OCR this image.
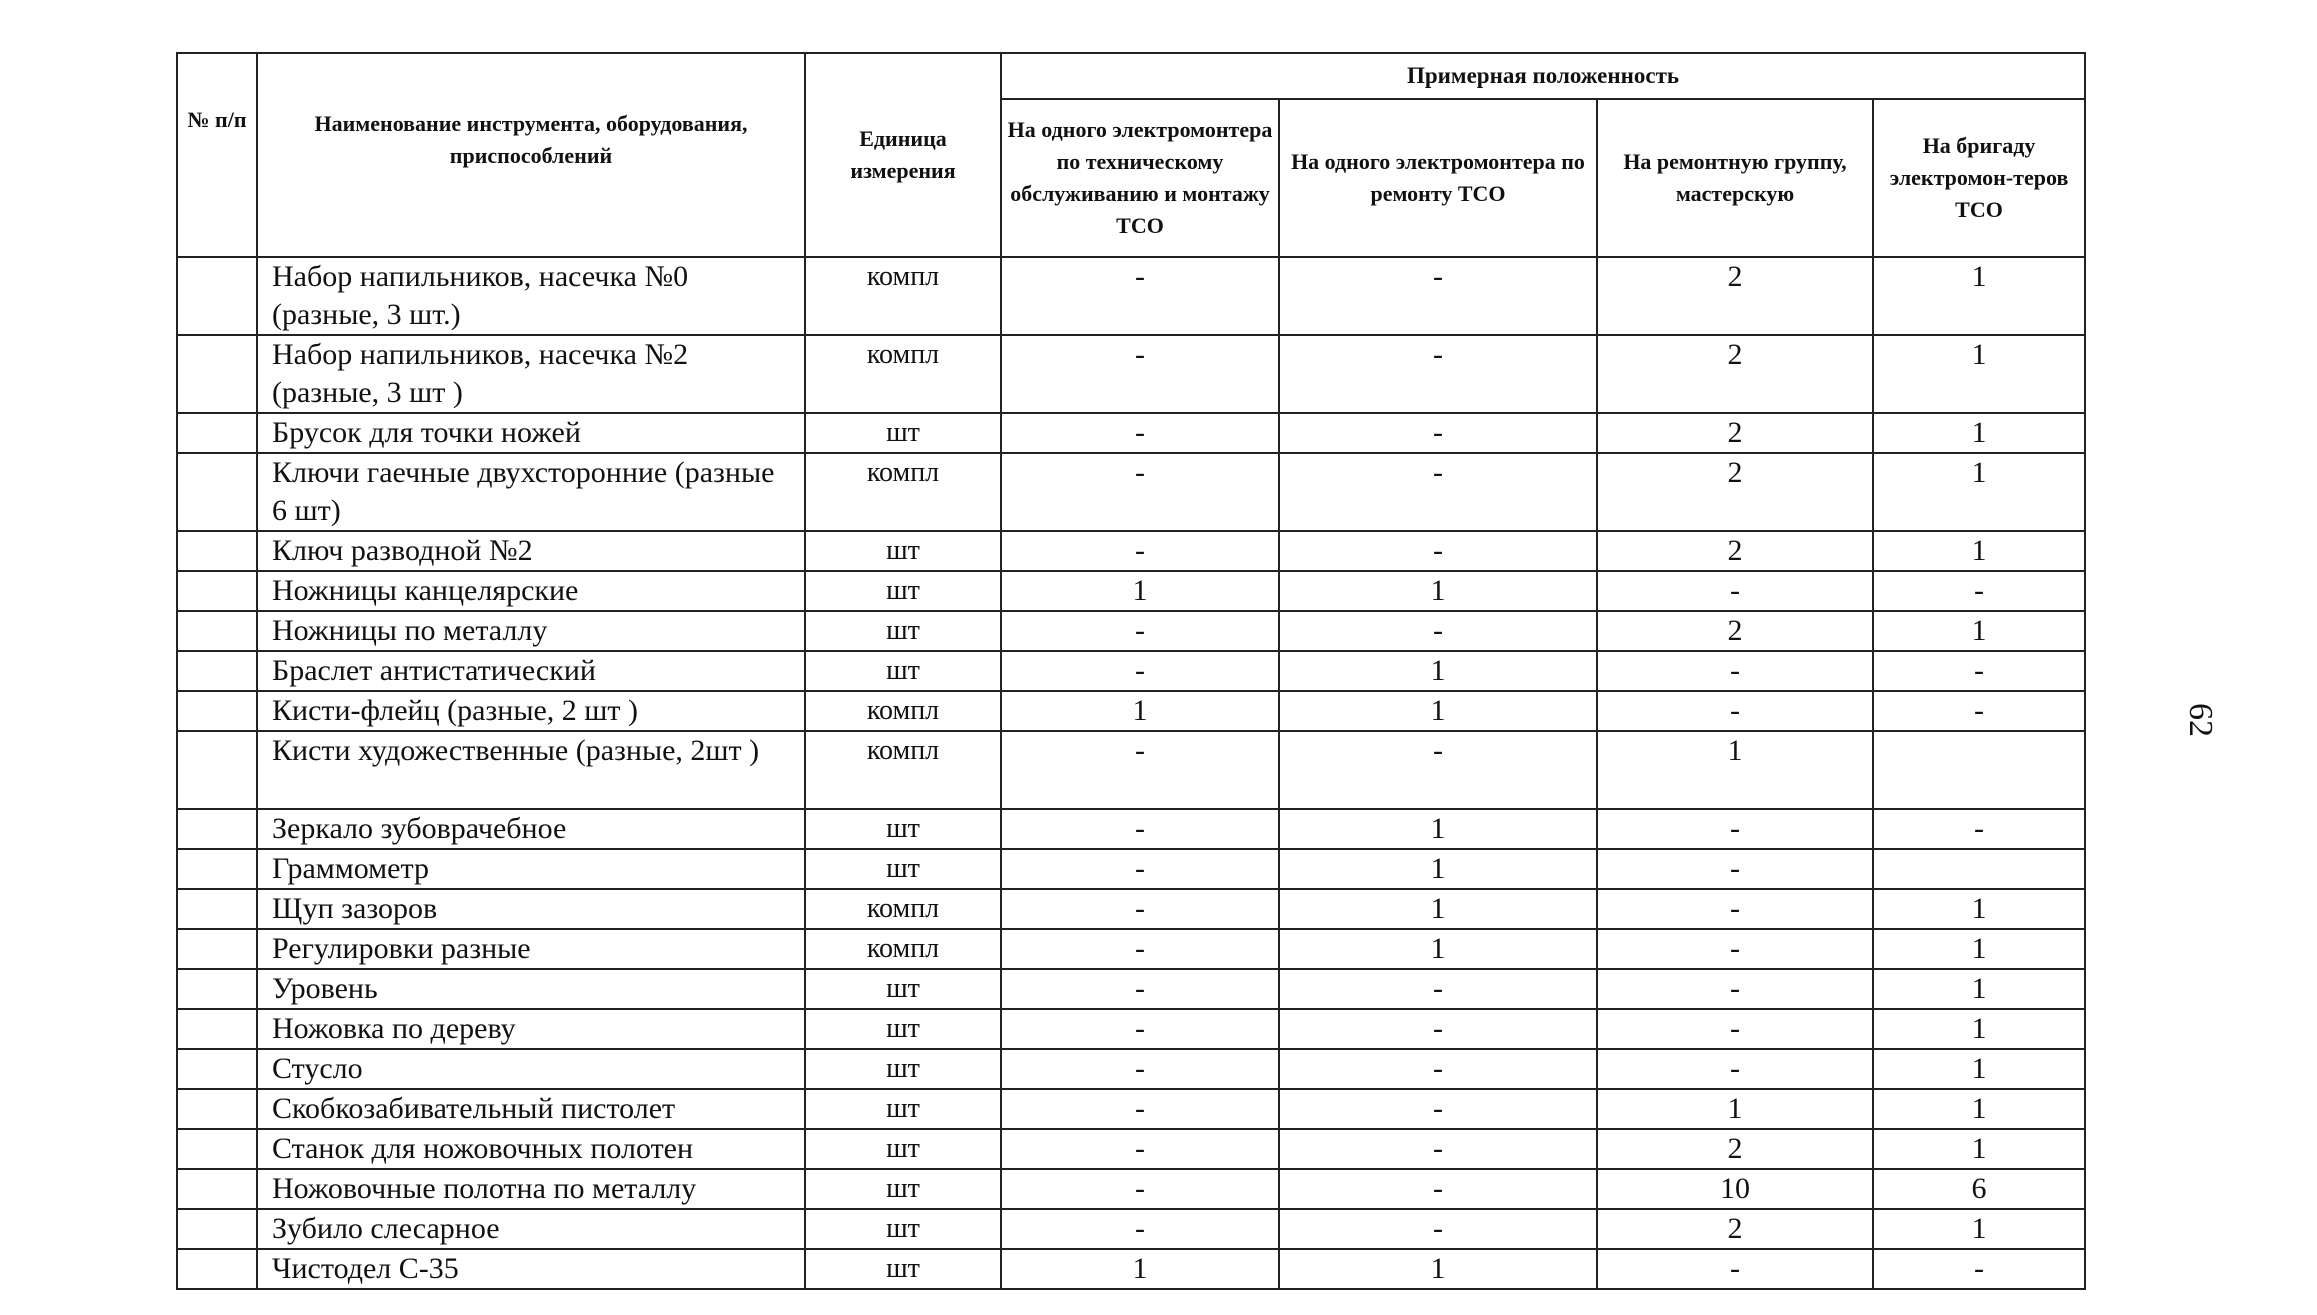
№ п/п	Наименование инструмента, оборудования, приспособлений	Единица измерения	Примерная положенность			
			На одного электромонтера по техническому обслуживанию и монтажу ТСО	На одного электромонтера по ремонту ТСО	На ремонтную группу, мастерскую	На бригаду электромон-теров ТСО
	Набор напильников, насечка №0 (разные, 3 шт.)	компл	-	-	2	1
	Набор напильников, насечка №2 (разные, 3 шт )	компл	-	-	2	1
	Брусок для точки ножей	шт	-	-	2	1
	Ключи гаечные двухсторонние (разные 6 шт)	компл	-	-	2	1
	Ключ разводной №2	шт	-	-	2	1
	Ножницы канцелярские	шт	1	1	-	-
	Ножницы по металлу	шт	-	-	2	1
	Браслет антистатический	шт	-	1	-	-
	Кисти-флейц (разные, 2 шт )	компл	1	1	-	-
	Кисти художественные (разные, 2шт )	компл	-	-	1	
	Зеркало зубоврачебное	шт	-	1	-	-
	Граммометр	шт	-	1	-	
	Щуп зазоров	компл	-	1	-	1
	Регулировки разные	компл	-	1	-	1
	Уровень	шт	-	-	-	1
	Ножовка по дереву	шт	-	-	-	1
	Стусло	шт	-	-	-	1
	Скобкозабивательный пистолет	шт	-	-	1	1
	Станок для ножовочных полотен	шт	-	-	2	1
	Ножовочные полотна по металлу	шт	-	-	10	6
	Зубило слесарное	шт	-	-	2	1
	Чистодел С-35	шт	1	1	-	-
62
